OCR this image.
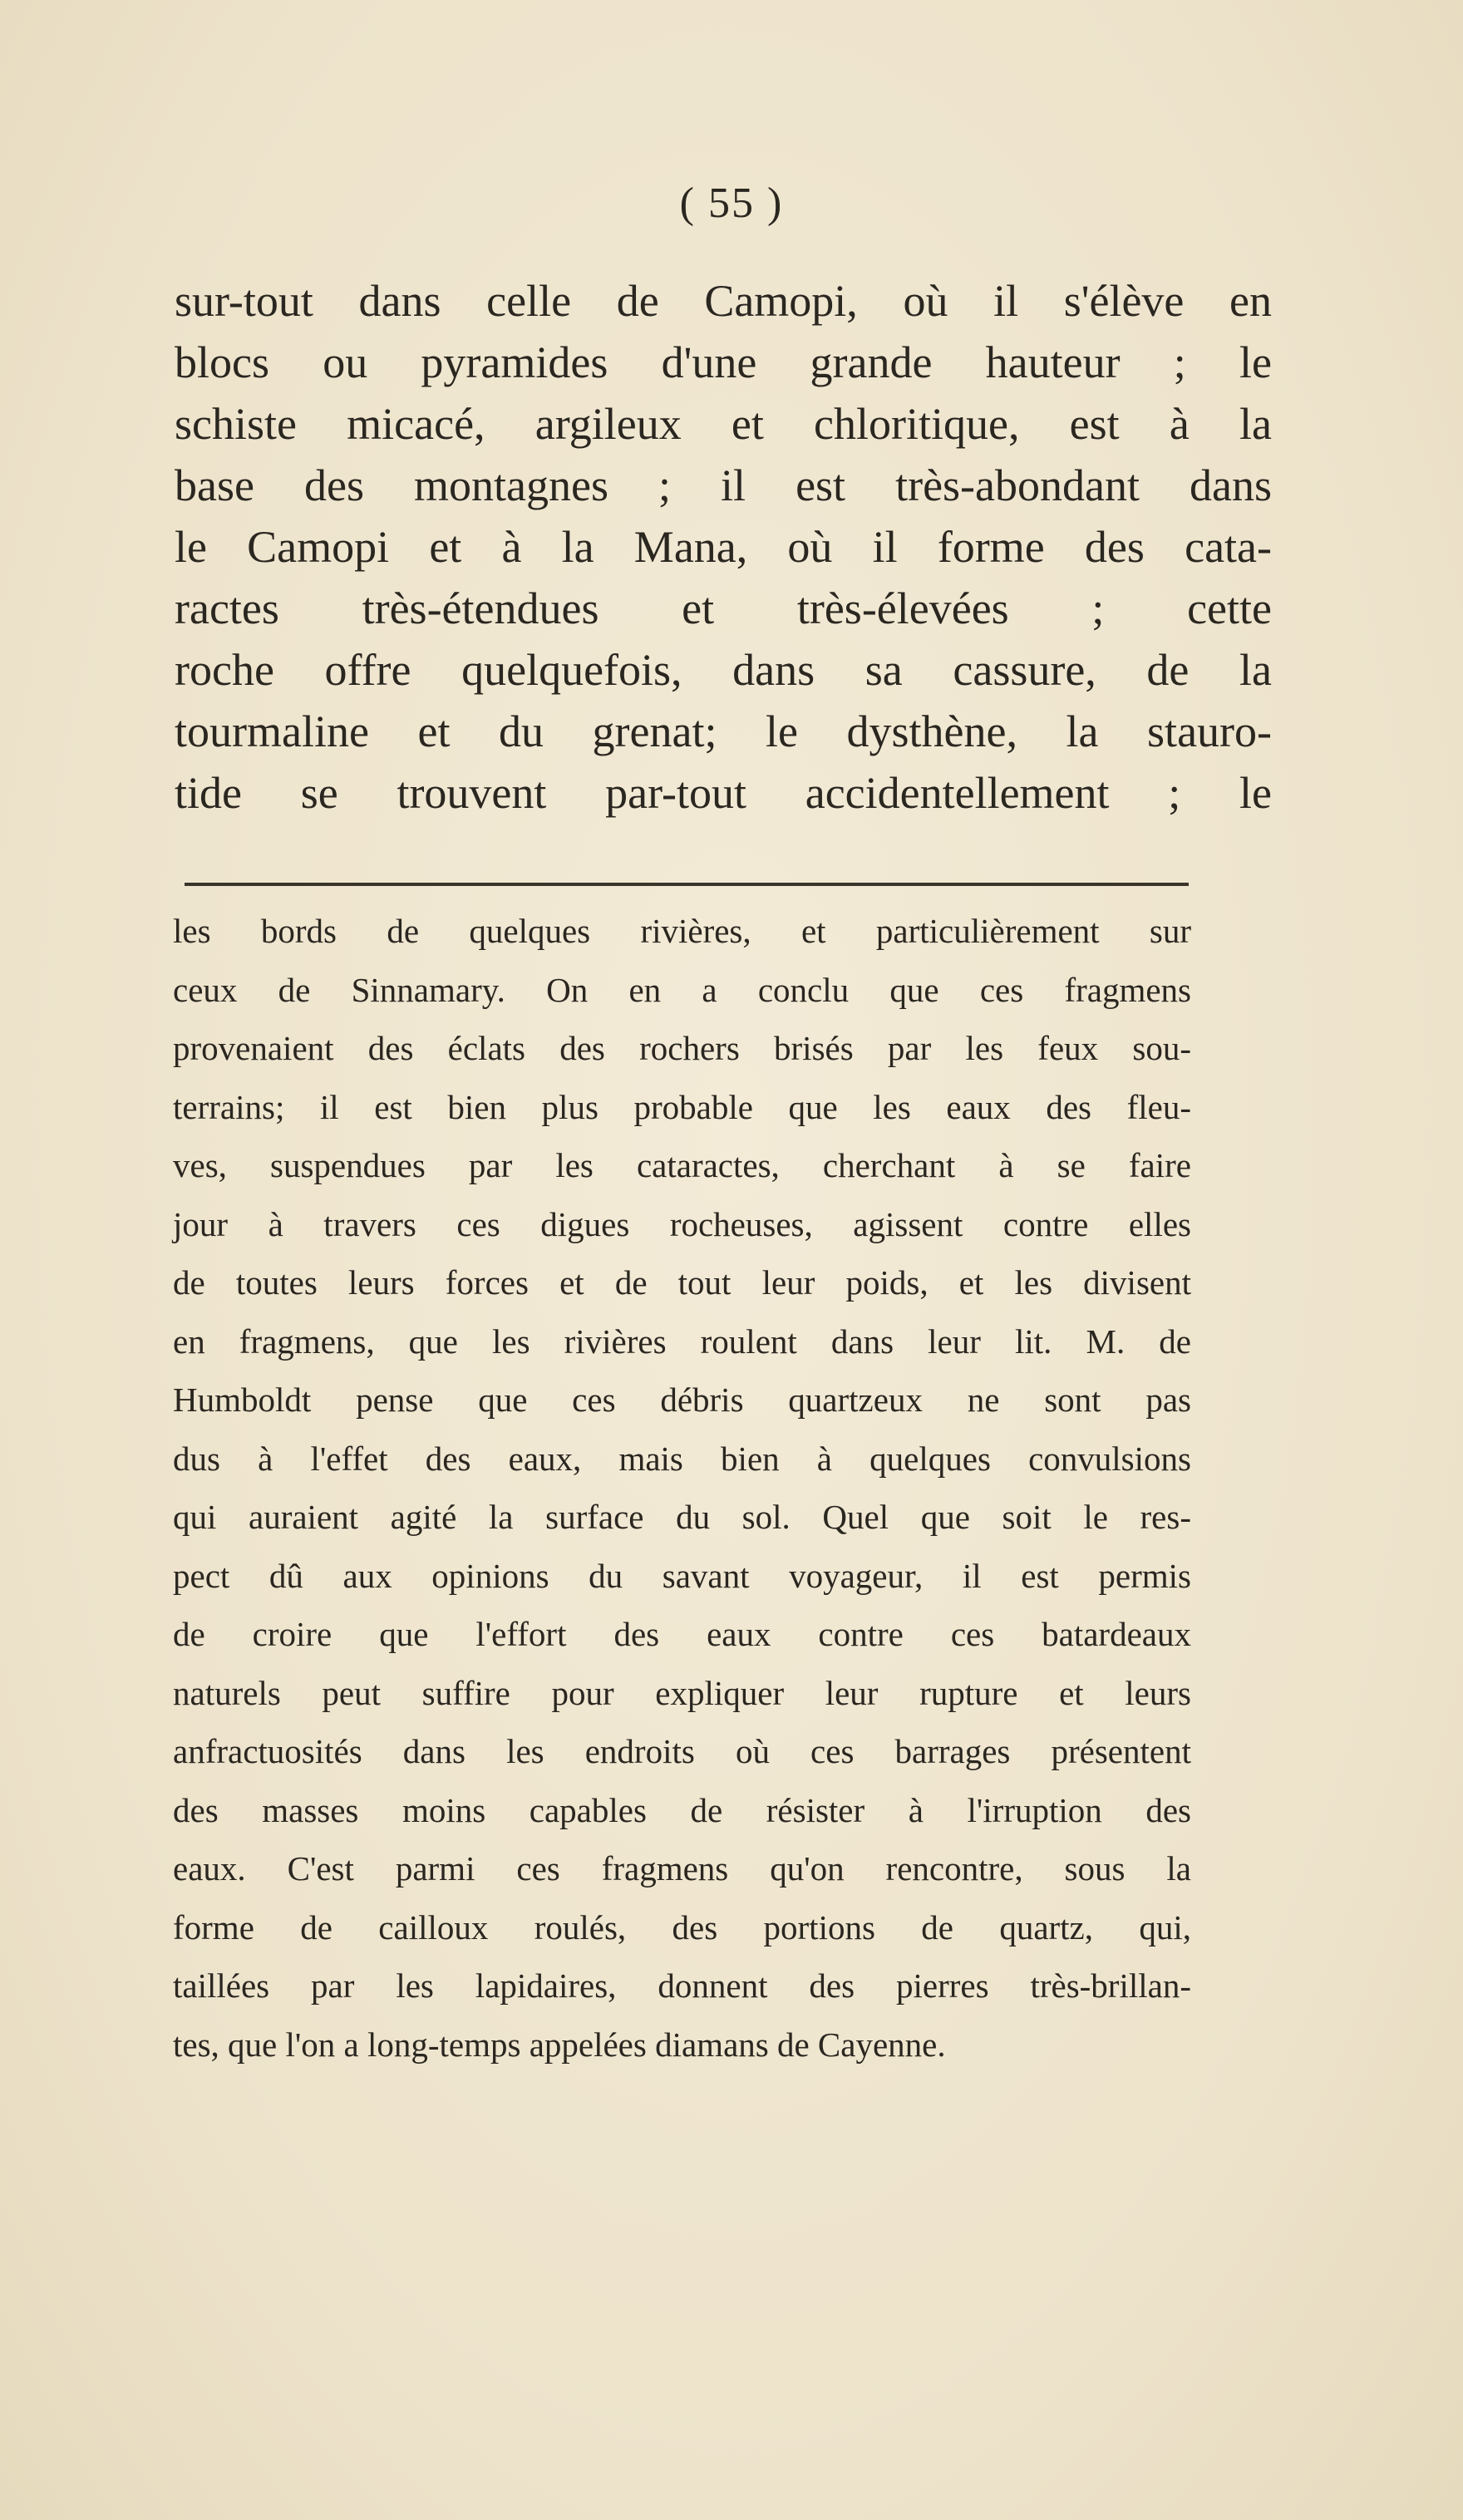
( 55 )
sur-tout dans celle de Camopi, où il s'élève en
blocs ou pyramides d'une grande hauteur ; le
schiste micacé, argileux et chloritique, est à la
base des montagnes ; il est très-abondant dans
le Camopi et à la Mana, où il forme des cata-
ractes très-étendues et très-élevées ; cette
roche offre quelquefois, dans sa cassure, de la
tourmaline et du grenat; le dysthène, la stauro-
tide se trouvent par-tout accidentellement ; le
les bords de quelques rivières, et particulièrement sur
ceux de Sinnamary. On en a conclu que ces fragmens
provenaient des éclats des rochers brisés par les feux sou-
terrains; il est bien plus probable que les eaux des fleu-
ves, suspendues par les cataractes, cherchant à se faire
jour à travers ces digues rocheuses, agissent contre elles
de toutes leurs forces et de tout leur poids, et les divisent
en fragmens, que les rivières roulent dans leur lit. M. de
Humboldt pense que ces débris quartzeux ne sont pas
dus à l'effet des eaux, mais bien à quelques convulsions
qui auraient agité la surface du sol. Quel que soit le res-
pect dû aux opinions du savant voyageur, il est permis
de croire que l'effort des eaux contre ces batardeaux
naturels peut suffire pour expliquer leur rupture et leurs
anfractuosités dans les endroits où ces barrages présentent
des masses moins capables de résister à l'irruption des
eaux. C'est parmi ces fragmens qu'on rencontre, sous la
forme de cailloux roulés, des portions de quartz, qui,
taillées par les lapidaires, donnent des pierres très-brillan-
tes, que l'on a long-temps appelées diamans de Cayenne.
